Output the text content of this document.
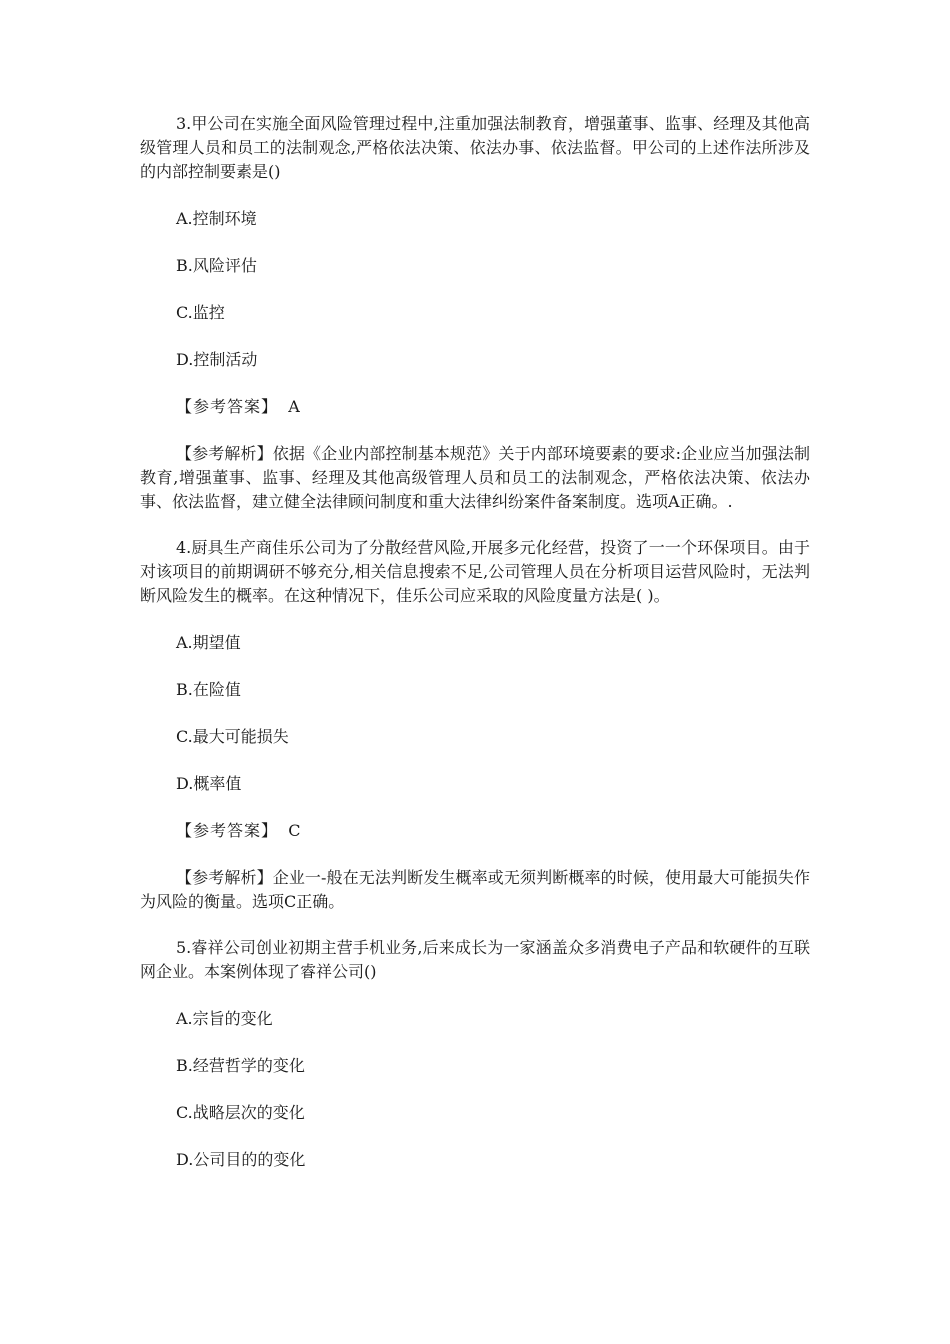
3.甲公司在实施全面风险管理过程中,注重加强法制教育，增强董事、监事、经理及其他高级管理人员和员工的法制观念,严格依法决策、依法办事、依法监督。甲公司的上述作法所涉及的内部控制要素是()

A.控制环境

B.风险评估

C.监控

D.控制活动

【参考答案】 A

【参考解析】依据《企业内部控制基本规范》关于内部环境要素的要求:企业应当加强法制教育,增强董事、监事、经理及其他高级管理人员和员工的法制观念，严格依法决策、依法办事、依法监督，建立健全法律顾问制度和重大法律纠纷案件备案制度。选项A正确。.

4.厨具生产商佳乐公司为了分散经营风险,开展多元化经营，投资了一一个环保项目。由于对该项目的前期调研不够充分,相关信息搜索不足,公司管理人员在分析项目运营风险时，无法判断风险发生的概率。在这种情况下，佳乐公司应采取的风险度量方法是( )。

A.期望值

B.在险值

C.最大可能损失

D.概率值

【参考答案】 C

【参考解析】企业一-般在无法判断发生概率或无须判断概率的时候，使用最大可能损失作为风险的衡量。选项C正确。

5.睿祥公司创业初期主营手机业务,后来成长为一家涵盖众多消费电子产品和软硬件的互联网企业。本案例体现了睿祥公司()

A.宗旨的变化

B.经营哲学的变化

C.战略层次的变化

D.公司目的的变化
